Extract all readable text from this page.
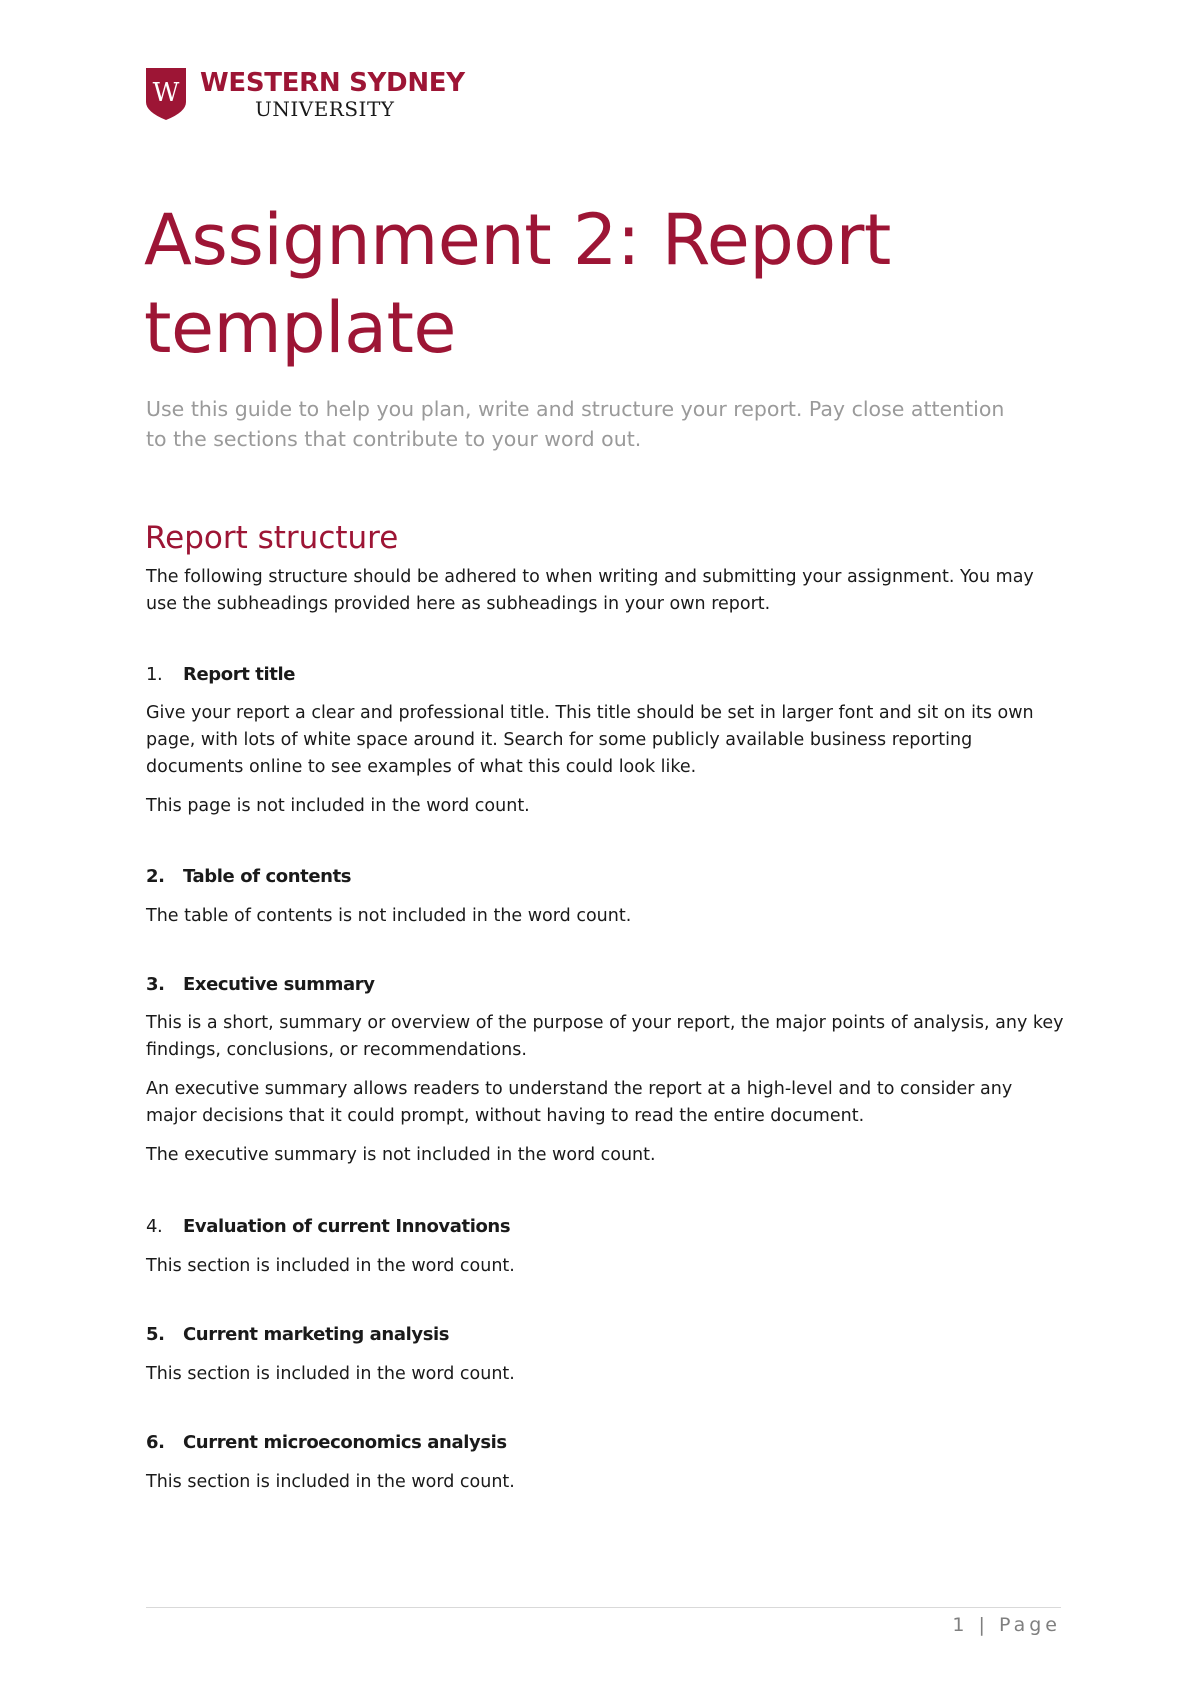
W WESTERN SYDNEY
UNIVERSITY
Assignment 2: Report template

Use this guide to help you plan, write and structure your report. Pay close attention to the sections that contribute to your word out.

Report structure

The following structure should be adhered to when writing and submitting your assignment. You may use the subheadings provided here as subheadings in your own report.

1. Report title

Give your report a clear and professional title. This title should be set in larger font and sit on its own page, with lots of white space around it. Search for some publicly available business reporting documents online to see examples of what this could look like.

This page is not included in the word count.

2. Table of contents

The table of contents is not included in the word count.

3. Executive summary

This is a short, summary or overview of the purpose of your report, the major points of analysis, any key findings, conclusions, or recommendations.

An executive summary allows readers to understand the report at a high-level and to consider any major decisions that it could prompt, without having to read the entire document.

The executive summary is not included in the word count.

4. Evaluation of current Innovations

This section is included in the word count.

5. Current marketing analysis

This section is included in the word count.

6. Current microeconomics analysis

This section is included in the word count.

1 | Page
